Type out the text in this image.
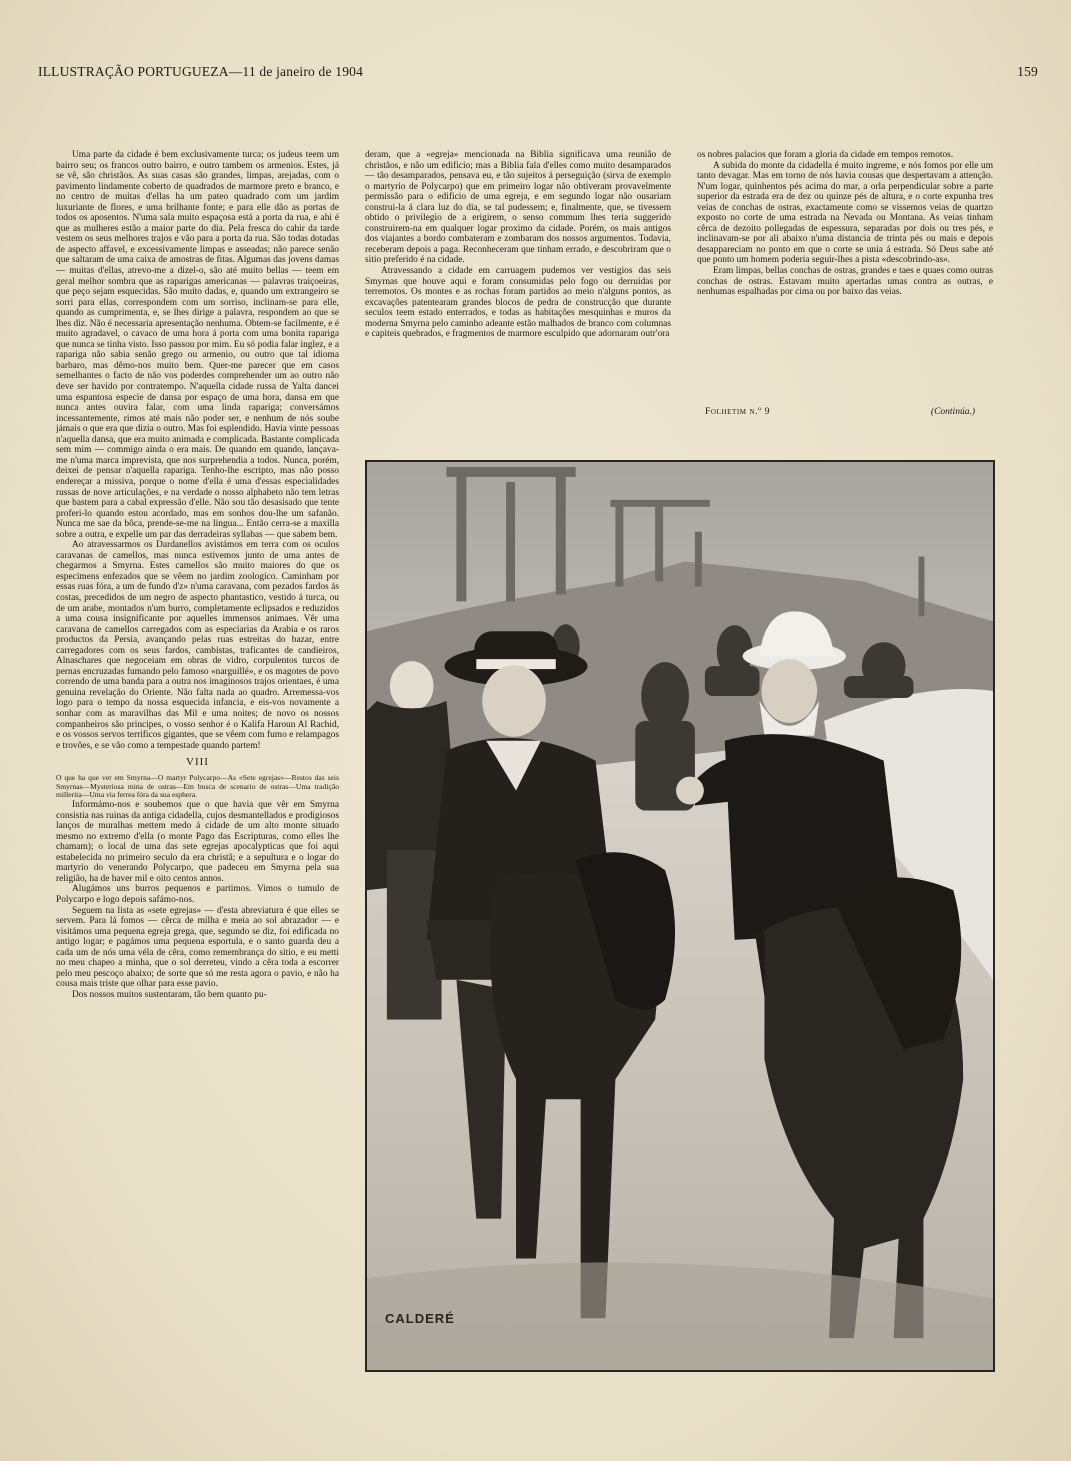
ILLUSTRAÇÃO PORTUGUEZA—11 de janeiro de 1904	159

Uma parte da cidade é bem exclusivamente turca; os judeus teem um bairro seu; os francos outro bairro, e outro tambem os armenios. Estes, já se vê, são christãos. As suas casas são grandes, limpas, arejadas, com o pavimento lindamente coberto de quadrados de marmore preto e branco, e no centro de muitas d'ellas ha um pateo quadrado com um jardim luxuriante de flores, e uma brilhante fonte; e para elle dão as portas de todos os aposentos. N'uma sala muito espaçosa está a porta da rua, e ahi é que as mulheres estão a maior parte do dia. Pela fresca do cahir da tarde vestem os seus melhores trajos e vão para a porta da rua. São todas dotadas de aspecto affavel, e excessivamente limpas e asseadas; não parece senão que saltaram de uma caixa de amostras de fitas. Algumas das jovens damas — muitas d'ellas, atrevo-me a dizel-o, são até muito bellas — teem em geral melhor sombra que as raparigas americanas — palavras traiçoeiras, que peço sejam esquecidas. São muito dadas, e, quando um extrangeiro se sorri para ellas, correspondem com um sorriso, inclinam-se para elle, quando as cumprimenta, e, se lhes dirige a palavra, respondem ao que se lhes diz. Não é necessaria apresentação nenhuma. Obtem-se facilmente, e é muito agradavel, o cavaco de uma hora á porta com uma bonita rapariga que nunca se tinha visto. Isso passou por mim. Eu só podia falar inglez, e a rapariga não sabia senão grego ou armenio, ou outro que tal idioma barbaro, mas dêmo-nos muito bem. Quer-me parecer que em casos semelhantes o facto de não vos poderdes comprehender um ao outro não deve ser havido por contratempo. N'aquella cidade russa de Yalta dancei uma espantosa especie de dansa por espaço de uma hora, dansa em que nunca antes ouvira falar, com uma linda rapariga; conversámos incessantemente, rimos até mais não poder ser, e nenhum de nós soube jámais o que era que dizia o outro. Mas foi esplendido. Havia vinte pessoas n'aquella dansa, que era muito animada e complicada. Bastante complicada sem mim — commigo ainda o era mais. De quando em quando, lançava-me n'uma marca imprevista, que nos surprehendia a todos. Nunca, porém, deixei de pensar n'aquella rapariga. Tenho-lhe escripto, mas não posso endereçar a missiva, porque o nome d'ella é uma d'essas especialidades russas de nove articulações, e na verdade o nosso alphabeto não tem letras que bastem para a cabal expressão d'elle. Não sou tão desasisado que tente proferi-lo quando estou acordado, mas em sonhos dou-lhe um safanão. Nunca me sae da bôca, prende-se-me na lingua... Então cerra-se a maxilla sobre a outra, e expelle um par das derradeiras syllabas — que sabem bem.

Ao atravessarmos os Dardanellos avistámos em terra com os oculos caravanas de camellos, mas nunca estivemos junto de uma antes de chegarmos a Smyrna. Estes camellos são muito maiores do que os especimens enfezados que se vêem no jardim zoologico. Caminham por essas ruas fóra, a um de fundo d'z» n'uma caravana, com pezados fardos ás costas, precedidos de um negro de aspecto phantastico, vestido á turca, ou de um arabe, montados n'um burro, completamente eclipsados e reduzidos a uma cousa insignificante por aquelles immensos animaes. Vêr uma caravana de camellos carregados com as especiarias da Arabia e os raros productos da Persia, avançando pelas ruas estreitas do bazar, entre carregadores com os seus fardos, cambistas, traficantes de candieiros, Alnaschares que negoceiam em obras de vidro, corpulentos turcos de pernas encruzadas fumando pelo famoso «narguillé», e os magotes de povo correndo de uma banda para a outra nos imaginosos trajos orientaes, é uma genuina revelação do Oriente. Não falta nada ao quadro. Arremessa-vos logo para o tempo da nossa esquecida infancia, e eis-vos novamente a sonhar com as maravilhas das Mil e uma noites; de novo os nossos companheiros são principes, o vosso senhor é o Kalifa Haroun Al Rachid, e os vossos servos terrificos gigantes, que se vêem com fumo e relampagos e trovões, e se vão como a tempestade quando partem!

VIII

O que ha que ver em Smyrna—O martyr Polycarpo—As «Sete egrejas»—Restos das seis Smyrnas—Mysteriosa mina de ostras—Em busca de scenario de ostras—Uma tradição millerita—Uma via ferrea fóra da sua esphera.

Informámo-nos e soubemos que o que havia que vêr em Smyrna consistia nas ruinas da antiga cidadella, cujos desmantellados e prodigiosos lanços de muralhas mettem medo á cidade de um alto monte situado mesmo no extremo d'ella (o monte Pago das Escripturas, como elles lhe chamam); o local de uma das sete egrejas apocalypticas que foi aqui estabelecida no primeiro seculo da era christã; e a sepultura e o logar do martyrio do venerando Polycarpo, que padeceu em Smyrna pela sua religião, ha de haver mil e oito centos annos.

Alugámos uns burros pequenos e partimos. Vimos o tumulo de Polycarpo e logo depois safámo-nos.

Seguem na lista as «sete egrejas» — d'esta abreviatura é que elles se servem. Para lá fomos — cêrca de milha e meia ao sol abrazador — e visitámos uma pequena egreja grega, que, segundo se diz, foi edificada no antigo logar; e pagámos uma pequena esportula, e o santo guarda deu a cada um de nós uma véla de cêra, como remembrança do sitio, e eu metti no meu chapeo a minha, que o sol derreteu, vindo a cêra toda a escorrer pelo meu pescoço abaixo; de sorte que só me resta agora o pavio, e não ha cousa mais triste que olhar para esse pavio.

Dos nossos muitos sustentaram, tão bem quanto pu-

deram, que a «egreja» mencionada na Biblia significava uma reunião de christãos, e não um edificio; mas a Biblia fala d'elles como muito desamparados — tão desamparados, pensava eu, e tão sujeitos á perseguição (sirva de exemplo o martyrio de Polycarpo) que em primeiro logar não obtiveram provavelmente permissão para o edificio de uma egreja, e em segundo logar não ousariam construi-la á clara luz do dia, se tal pudessem; e, finalmente, que, se tivessem obtido o privilegio de a erigirem, o senso commum lhes teria suggerido construirem-na em qualquer logar proximo da cidade. Porém, os mais antigos dos viajantes a bordo combateram e zombaram dos nossos argumentos. Todavia, receberam depois a paga. Reconheceram que tinham errado, e descobriram que o sitio preferido é na cidade.

Atravessando a cidade em carruagem pudemos ver vestigios das seis Smyrnas que houve aqui e foram consumidas pelo fogo ou derruidas por terremotos. Os montes e as rochas foram partidos ao meio n'alguns pontos, as excavações patentearam grandes blocos de pedra de construcção que durante seculos teem estado enterrados, e todas as habitações mesquinhas e muros da moderna Smyrna pelo caminho adeante estão malhados de branco com columnas e capiteis quebrados, e fragmentos de marmore esculpido que adornaram outr'ora

os nobres palacios que foram a gloria da cidade em tempos remotos.

A subida do monte da cidadella é muito ingreme, e nós fomos por elle um tanto devagar. Mas em torno de nós havia cousas que despertavam a attenção. N'um logar, quinhentos pés acima do mar, a orla perpendicular sobre a parte superior da estrada era de dez ou quinze pés de altura, e o corte expunha tres veias de conchas de ostras, exactamente como se vissemos veias de quartzo exposto no corte de uma estrada na Nevada ou Montana. As veias tinham cêrca de dezoito pollegadas de espessura, separadas por dois ou tres pés, e inclinavam-se por ali abaixo n'uma distancia de trinta pés ou mais e depois desappareciam no ponto em que o corte se unia á estrada. Só Deus sabe até que ponto um homem poderia seguir-lhes a pista «descobrindo-as».

Eram limpas, bellas conchas de ostras, grandes e taes e quaes como outras conchas de ostras. Estavam muito apertadas umas contra as outras, e nenhumas espalhadas por cima ou por baixo das veias.

Folhetim n.º 9	(Continúa.)
CALDERÉ
